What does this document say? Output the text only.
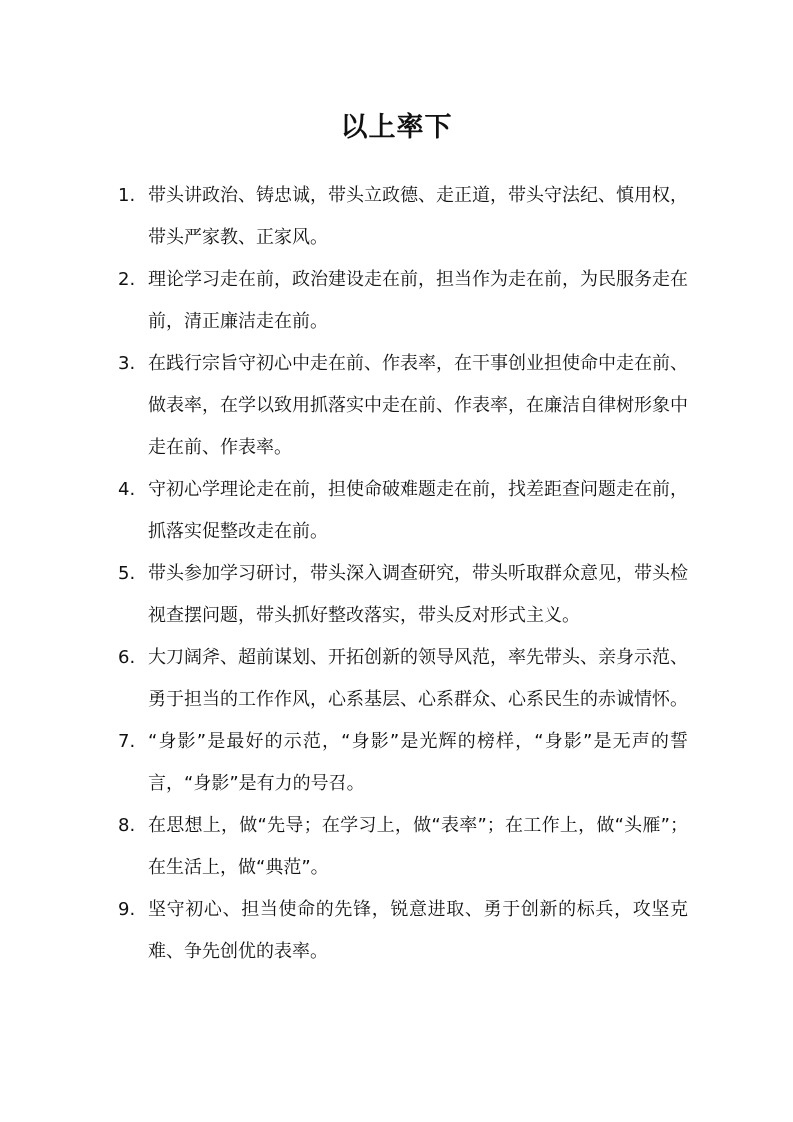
以上率下
1. 带头讲政治、铸忠诚，带头立政德、走正道，带头守法纪、慎用权，带头严家教、正家风。
2. 理论学习走在前，政治建设走在前，担当作为走在前，为民服务走在前，清正廉洁走在前。
3. 在践行宗旨守初心中走在前、作表率，在干事创业担使命中走在前、做表率，在学以致用抓落实中走在前、作表率，在廉洁自律树形象中走在前、作表率。
4. 守初心学理论走在前，担使命破难题走在前，找差距查问题走在前，抓落实促整改走在前。
5. 带头参加学习研讨，带头深入调查研究，带头听取群众意见，带头检视查摆问题，带头抓好整改落实，带头反对形式主义。
6. 大刀阔斧、超前谋划、开拓创新的领导风范，率先带头、亲身示范、勇于担当的工作作风，心系基层、心系群众、心系民生的赤诚情怀。
7. “身影”是最好的示范，“身影”是光辉的榜样，“身影”是无声的誓言，“身影”是有力的号召。
8. 在思想上，做“先导；在学习上，做“表率”；在工作上，做“头雁”；在生活上，做“典范”。
9. 坚守初心、担当使命的先锋，锐意进取、勇于创新的标兵，攻坚克难、争先创优的表率。
